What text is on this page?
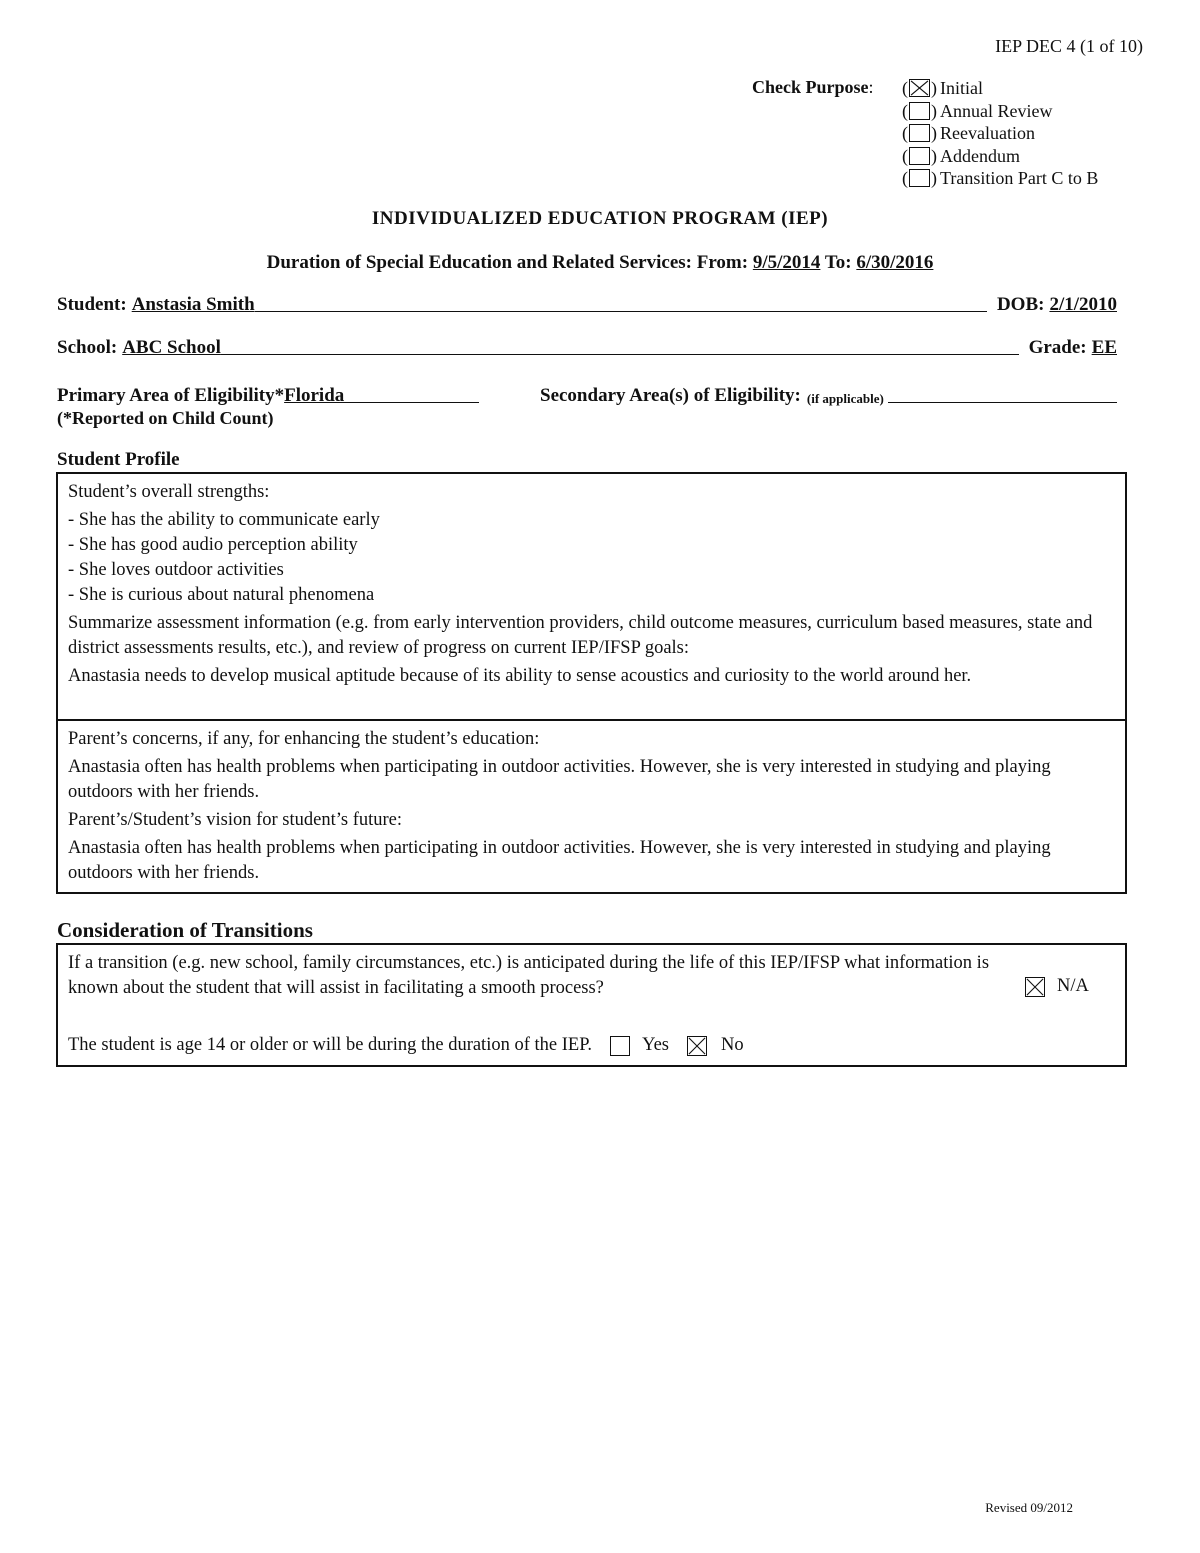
IEP DEC 4 (1 of 10)
Check Purpose: ( ) Initial
( ) Annual Review
( ) Reevaluation
( ) Addendum
( ) Transition Part C to B
INDIVIDUALIZED EDUCATION PROGRAM (IEP)
Duration of Special Education and Related Services: From: 9/5/2014 To: 6/30/2016
Student: Anstasia Smith	DOB: 2/1/2010
School: ABC School	Grade: EE
Primary Area of Eligibility*Florida	Secondary Area(s) of Eligibility: (if applicable)
(*Reported on Child Count)
Student Profile

Student’s overall strengths:

- She has the ability to communicate early

- She has good audio perception ability

- She loves outdoor activities

- She is curious about natural phenomena

Summarize assessment information (e.g. from early intervention providers, child outcome measures, curriculum based measures, state and district assessments results, etc.), and review of progress on current IEP/IFSP goals:

Anastasia needs to develop musical aptitude because of its ability to sense acoustics and curiosity to the world around her.

Parent’s concerns, if any, for enhancing the student’s education:

Anastasia often has health problems when participating in outdoor activities. However, she is very interested in studying and playing outdoors with her friends.

Parent’s/Student’s vision for student’s future:

Anastasia often has health problems when participating in outdoor activities. However, she is very interested in studying and playing outdoors with her friends.

Consideration of Transitions

If a transition (e.g. new school, family circumstances, etc.) is anticipated during the life of this IEP/IFSP what information is known about the student that will assist in facilitating a smooth process?	N/A
The student is age 14 or older or will be during the duration of the IEP.	Yes	No
Revised 09/2012
